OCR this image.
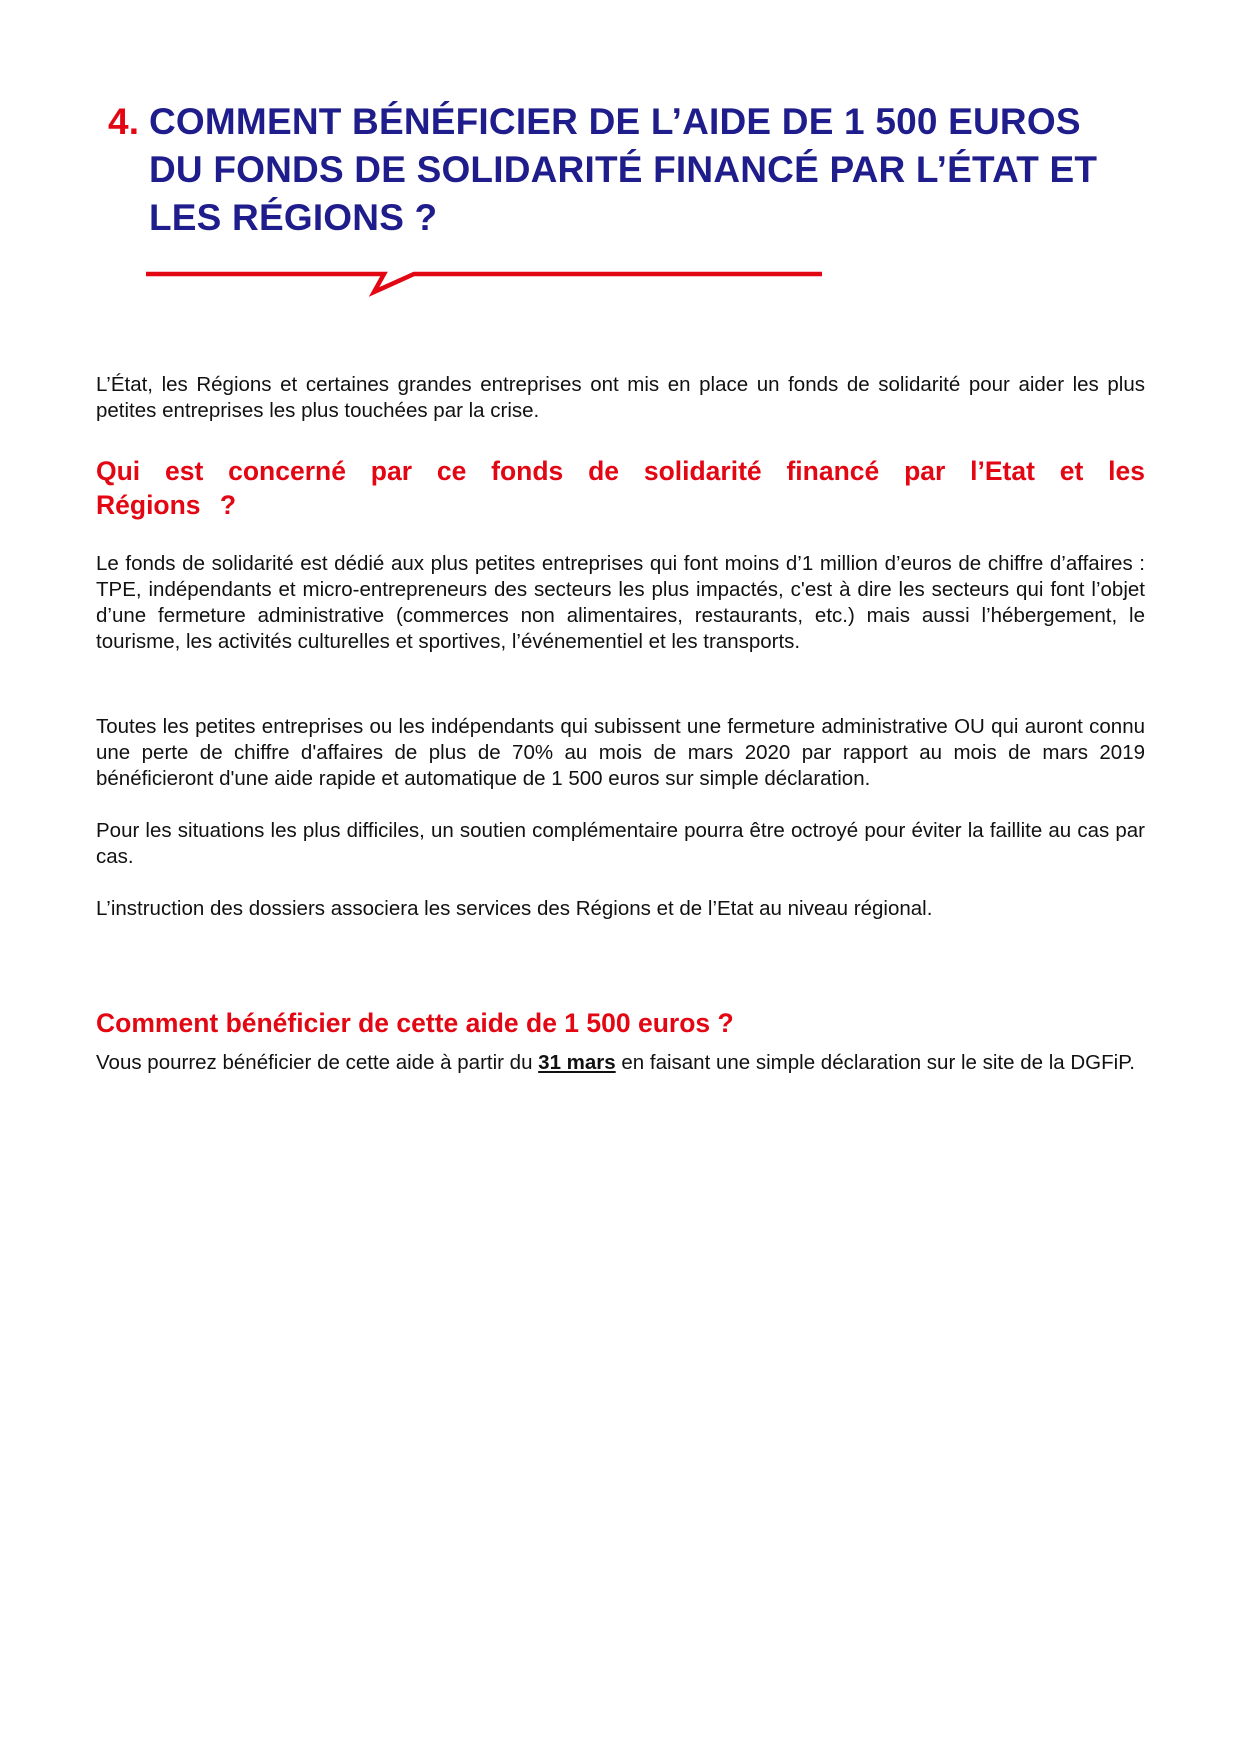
4. COMMENT BÉNÉFICIER DE L’AIDE DE 1 500 EUROS DU FONDS DE SOLIDARITÉ FINANCÉ PAR L’ÉTAT ET LES RÉGIONS ?

L’État, les Régions et certaines grandes entreprises ont mis en place un fonds de solidarité pour aider les plus petites entreprises les plus touchées par la crise.

Qui est concerné par ce fonds de solidarité financé par l’Etat et les Régions ?

Le fonds de solidarité est dédié aux plus petites entreprises qui font moins d’1 million d’euros de chiffre d’affaires : TPE, indépendants et micro-entrepreneurs des secteurs les plus impactés, c'est à dire les secteurs qui font l’objet d’une fermeture administrative (commerces non alimentaires, restaurants, etc.) mais aussi l’hébergement, le tourisme, les activités culturelles et sportives, l’événementiel et les transports.

Toutes les petites entreprises ou les indépendants qui subissent une fermeture administrative OU qui auront connu une perte de chiffre d'affaires de plus de 70% au mois de mars 2020 par rapport au mois de mars 2019 bénéficieront d'une aide rapide et automatique de 1 500 euros sur simple déclaration.

Pour les situations les plus difficiles, un soutien complémentaire pourra être octroyé pour éviter la faillite au cas par cas.

L’instruction des dossiers associera les services des Régions et de l’Etat au niveau régional.

Comment bénéficier de cette aide de 1 500 euros ?

Vous pourrez bénéficier de cette aide à partir du 31 mars en faisant une simple déclaration sur le site de la DGFiP.
